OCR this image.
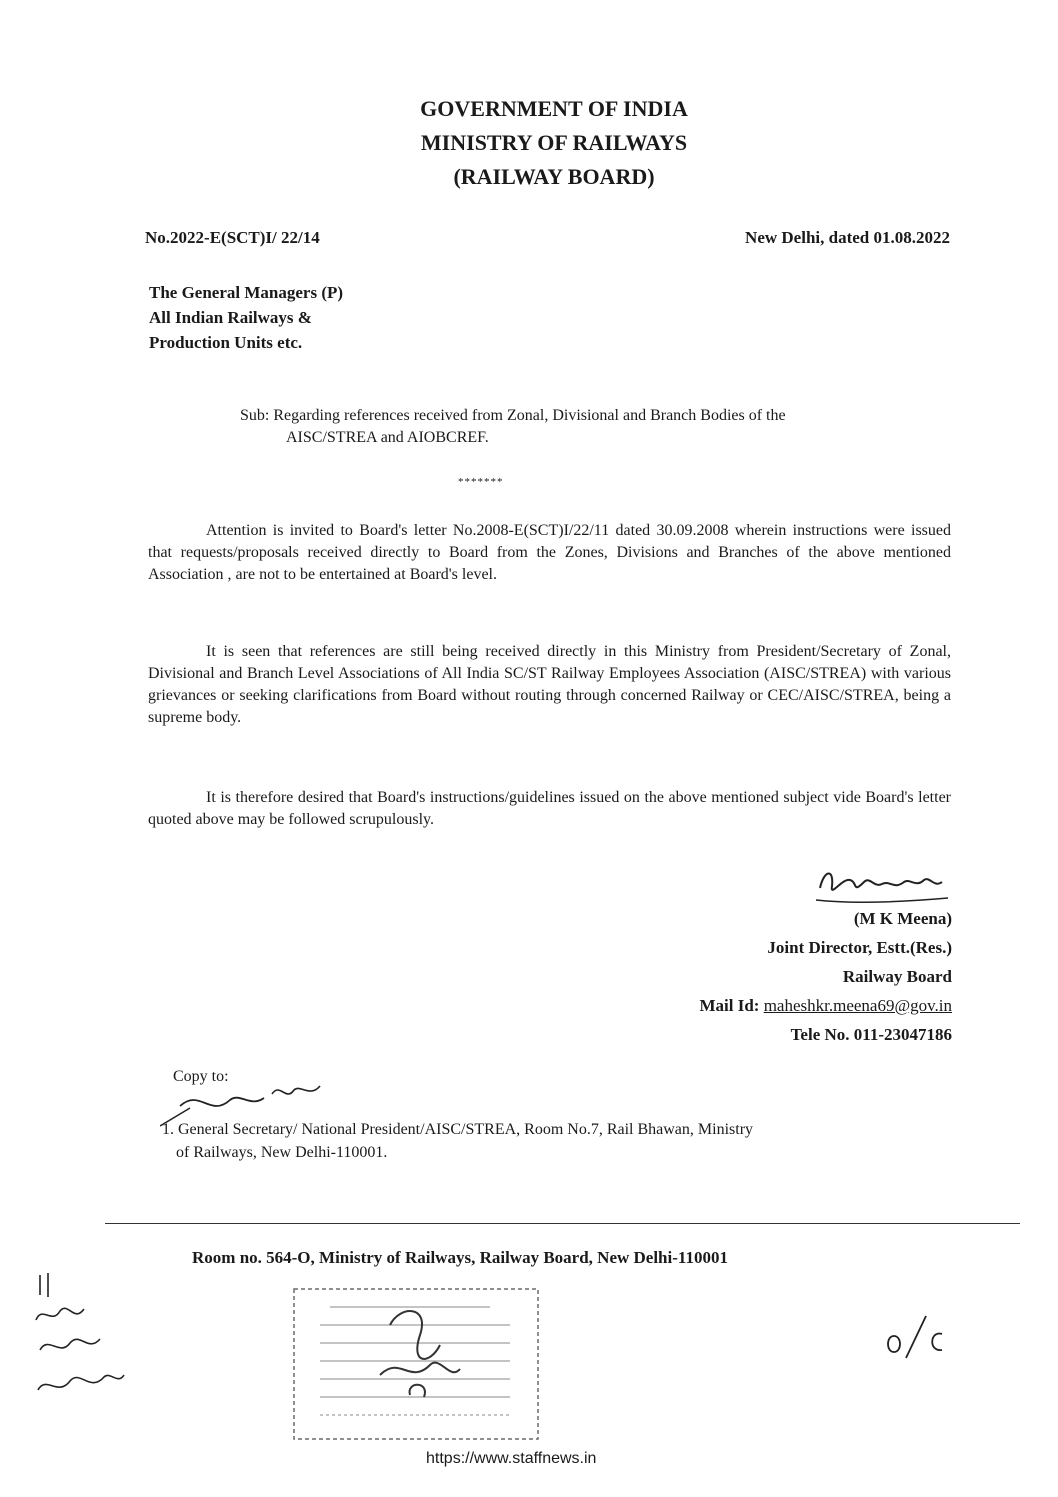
GOVERNMENT OF INDIA
MINISTRY OF RAILWAYS
(RAILWAY BOARD)
No.2022-E(SCT)I/ 22/14	New Delhi, dated 01.08.2022
The General Managers (P)
All Indian Railways &
Production Units etc.
Sub: Regarding references received from Zonal, Divisional and Branch Bodies of the
AISC/STREA and AIOBCREF.
*******
Attention is invited to Board's letter No.2008-E(SCT)I/22/11 dated 30.09.2008 wherein instructions were issued that requests/proposals received directly to Board from the Zones, Divisions and Branches of the above mentioned Association , are not to be entertained at Board's level.
It is seen that references are still being received directly in this Ministry from President/Secretary of Zonal, Divisional and Branch Level Associations of All India SC/ST Railway Employees Association (AISC/STREA) with various grievances or seeking clarifications from Board without routing through concerned Railway or CEC/AISC/STREA, being a supreme body.
It is therefore desired that Board's instructions/guidelines issued on the above mentioned subject vide Board's letter quoted above may be followed scrupulously.
(M K Meena)
Joint Director, Estt.(Res.)
Railway Board
Mail Id: maheshkr.meena69@gov.in
Tele No. 011-23047186
Copy to:
1. General Secretary/ National President/AISC/STREA, Room No.7, Rail Bhawan, Ministry
of Railways, New Delhi-110001.
Room no. 564-O, Ministry of Railways, Railway Board, New Delhi-110001
https://www.staffnews.in
